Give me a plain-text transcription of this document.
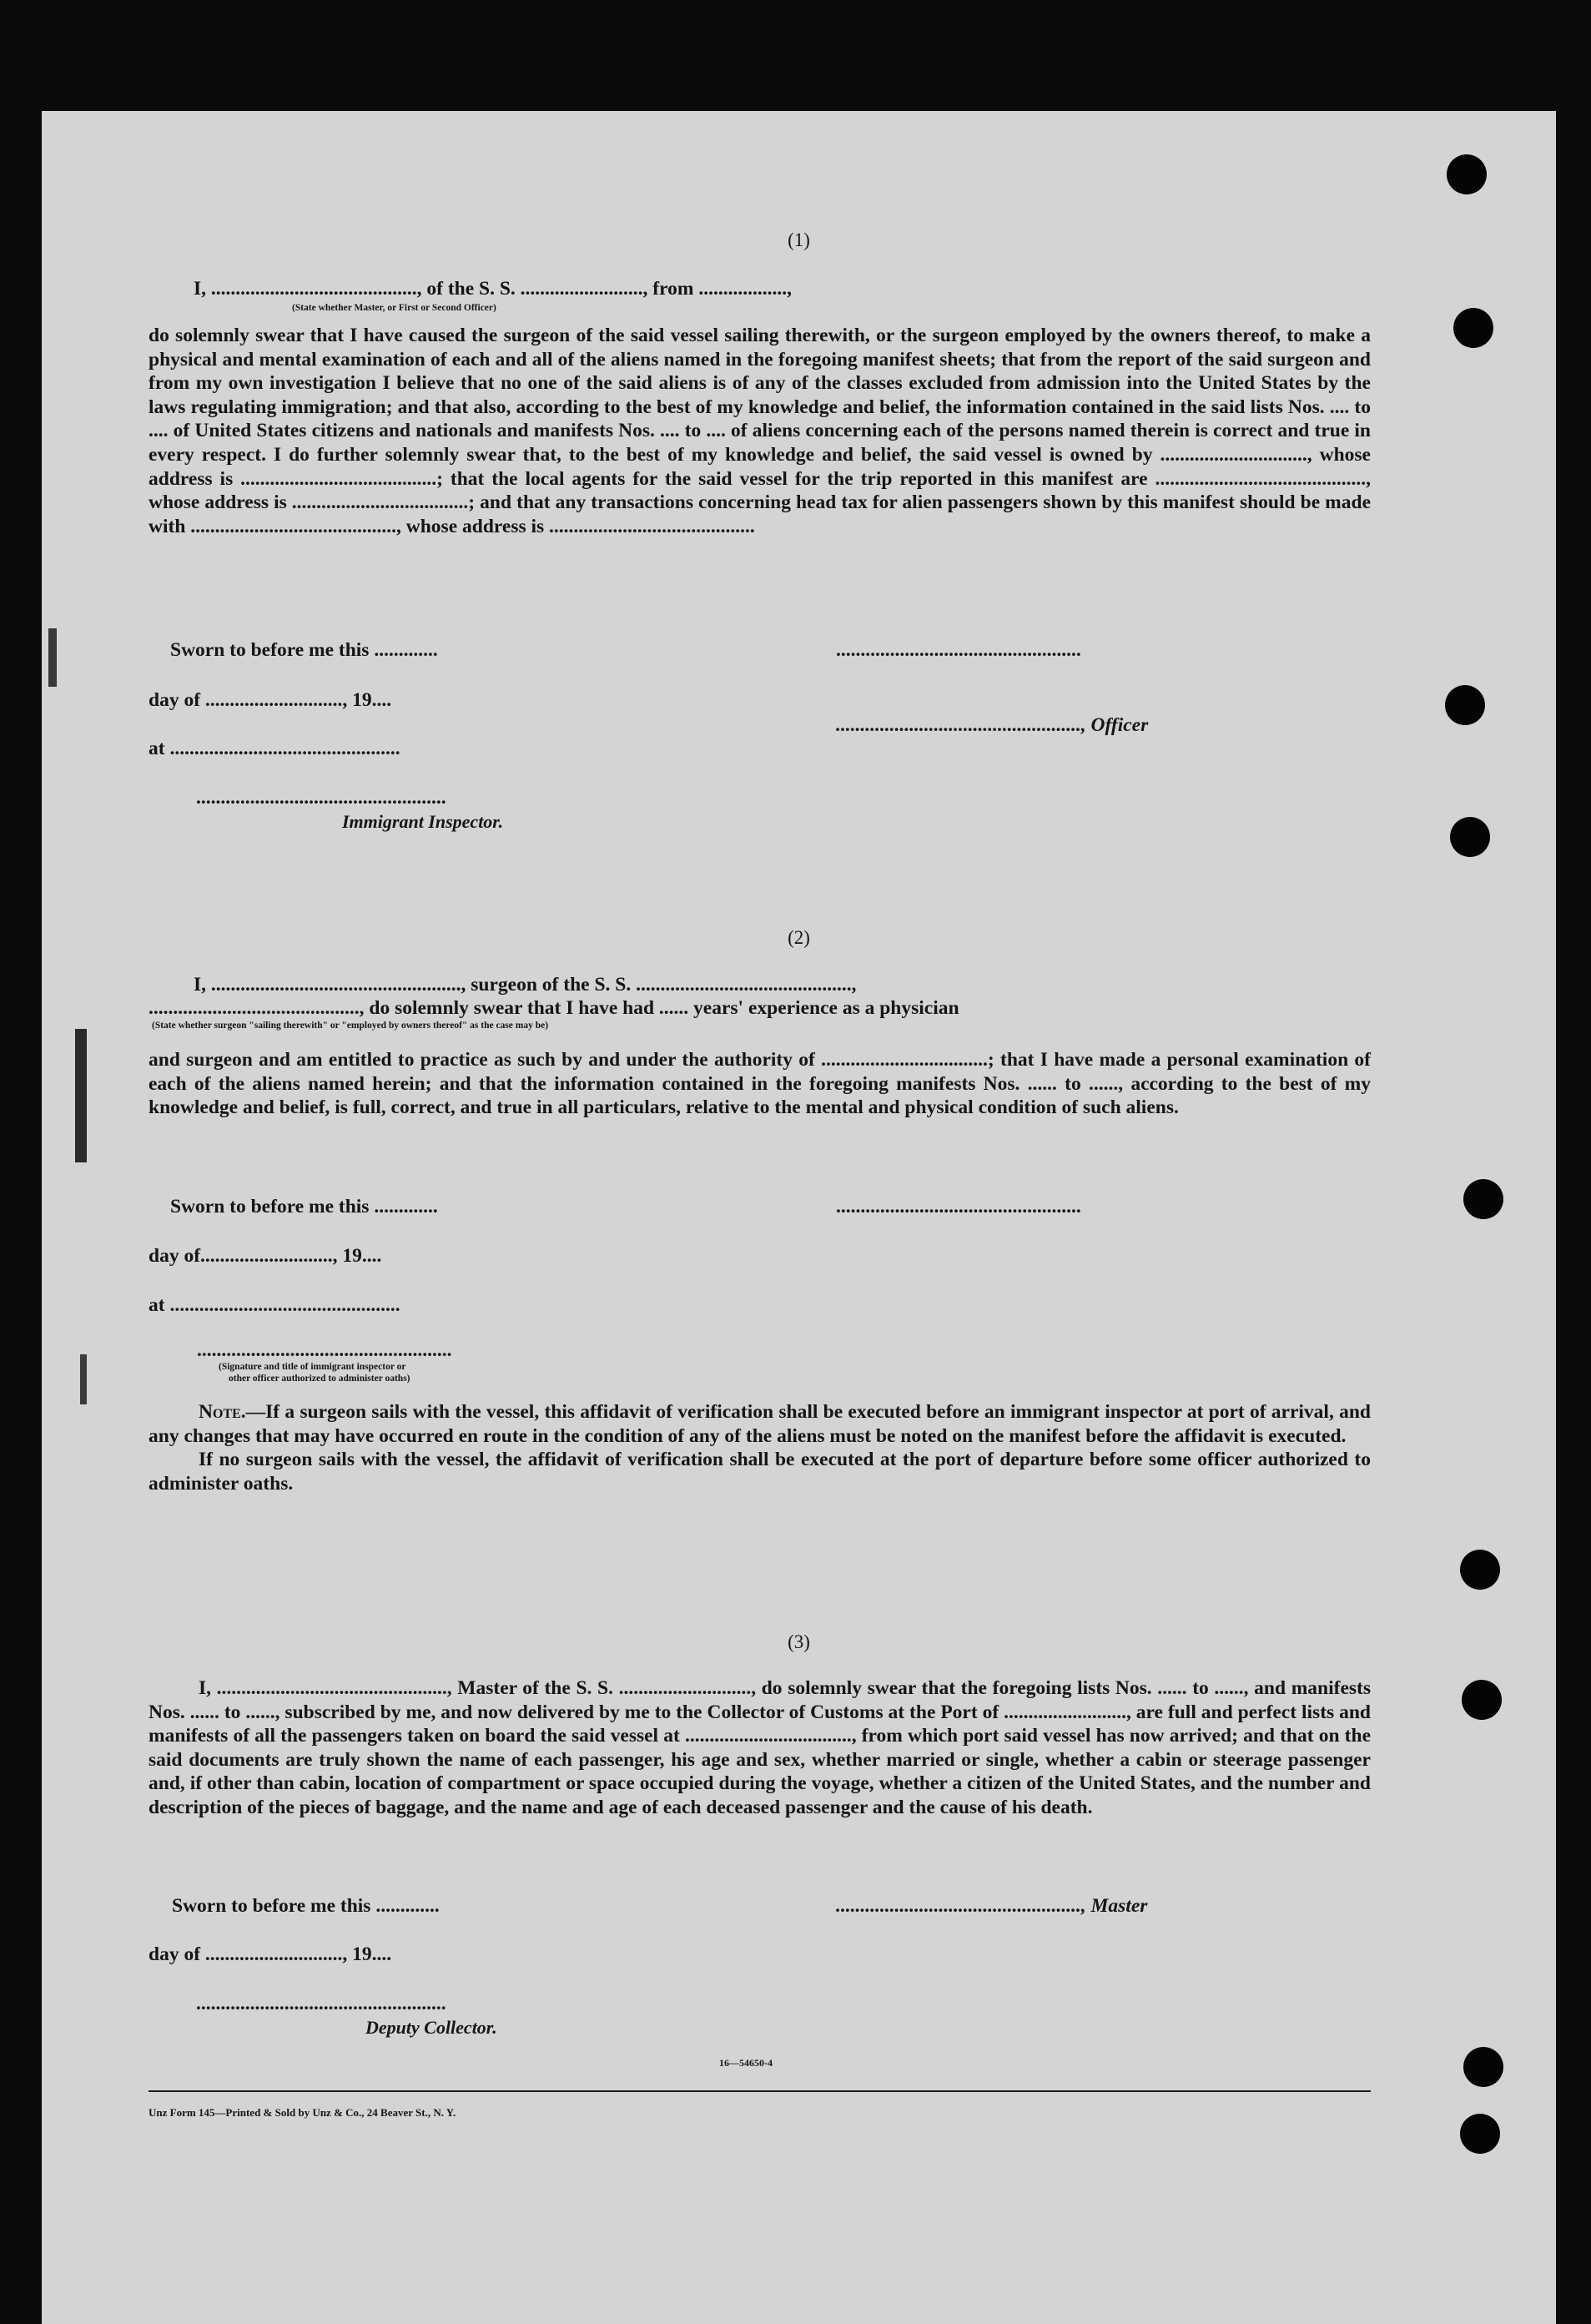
(1)
I, .........................................., of the S. S. ........................., from ..................,
(State whether Master, or First or Second Officer)

do solemnly swear that I have caused the surgeon of the said vessel sailing therewith, or the surgeon employed by the owners thereof, to make a physical and mental examination of each and all of the aliens named in the foregoing manifest sheets; that from the report of the said surgeon and from my own investigation I believe that no one of the said aliens is of any of the classes excluded from admission into the United States by the laws regulating immigration; and that also, according to the best of my knowledge and belief, the information contained in the said lists Nos. .... to .... of United States citizens and nationals and manifests Nos. .... to .... of aliens concerning each of the persons named therein is correct and true in every respect. I do further solemnly swear that, to the best of my knowledge and belief, the said vessel is owned by .............................., whose address is ........................................; that the local agents for the said vessel for the trip reported in this manifest are ..........................................., whose address is ....................................; and that any transactions concerning head tax for alien passengers shown by this manifest should be made with .........................................., whose address is ..........................................

Sworn to before me this .............	..................................................
day of ............................, 19....
.................................................., Officer
at ...............................................
...................................................
Immigrant Inspector.
(2)
I, ..................................................., surgeon of the S. S. ............................................,
..........................................., do solemnly swear that I have had ...... years' experience as a physician
(State whether surgeon "sailing therewith" or "employed by owners thereof" as the case may be)

and surgeon and am entitled to practice as such by and under the authority of ..................................; that I have made a personal examination of each of the aliens named herein; and that the information contained in the foregoing manifests Nos. ...... to ......, according to the best of my knowledge and belief, is full, correct, and true in all particulars, relative to the mental and physical condition of such aliens.

Sworn to before me this .............	..................................................
day of..........................., 19....
at ...............................................
....................................................
(Signature and title of immigrant inspector or
other officer authorized to administer oaths)

Note.—If a surgeon sails with the vessel, this affidavit of verification shall be executed before an immigrant inspector at port of arrival, and any changes that may have occurred en route in the condition of any of the aliens must be noted on the manifest before the affidavit is executed.

If no surgeon sails with the vessel, the affidavit of verification shall be executed at the port of departure before some officer authorized to administer oaths.

(3)

I, ..............................................., Master of the S. S. ..........................., do solemnly swear that the foregoing lists Nos. ...... to ......, and manifests Nos. ...... to ......, subscribed by me, and now delivered by me to the Collector of Customs at the Port of ........................., are full and perfect lists and manifests of all the passengers taken on board the said vessel at .................................., from which port said vessel has now arrived; and that on the said documents are truly shown the name of each passenger, his age and sex, whether married or single, whether a cabin or steerage passenger and, if other than cabin, location of compartment or space occupied during the voyage, whether a citizen of the United States, and the number and description of the pieces of baggage, and the name and age of each deceased passenger and the cause of his death.

Sworn to before me this .............	.................................................., Master
day of ............................, 19....
...................................................
Deputy Collector.
16—54650-4
Unz Form 145—Printed & Sold by Unz & Co., 24 Beaver St., N. Y.
